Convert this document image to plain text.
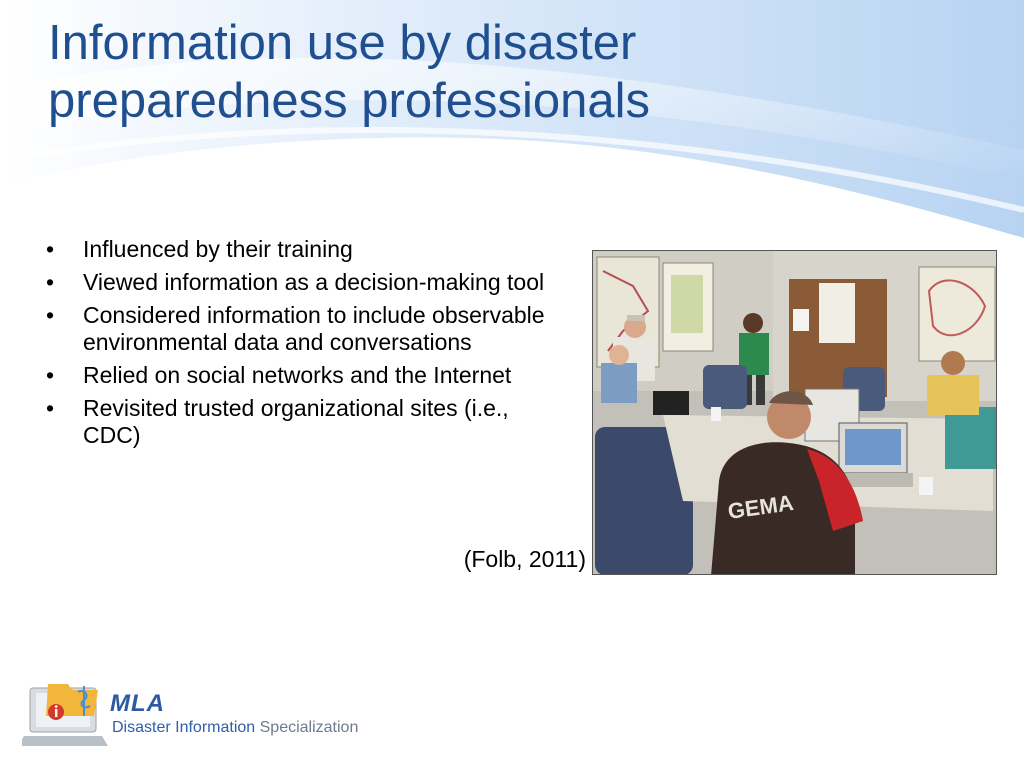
Information use by disaster preparedness professionals
• Influenced by their training
• Viewed information as a decision-making tool
• Considered information to include observable environmental data and conversations
• Relied on social networks and the Internet
• Revisited trusted organizational sites (i.e., CDC)
(Folb, 2011)
GEMA
MLA
Disaster Information Specialization
